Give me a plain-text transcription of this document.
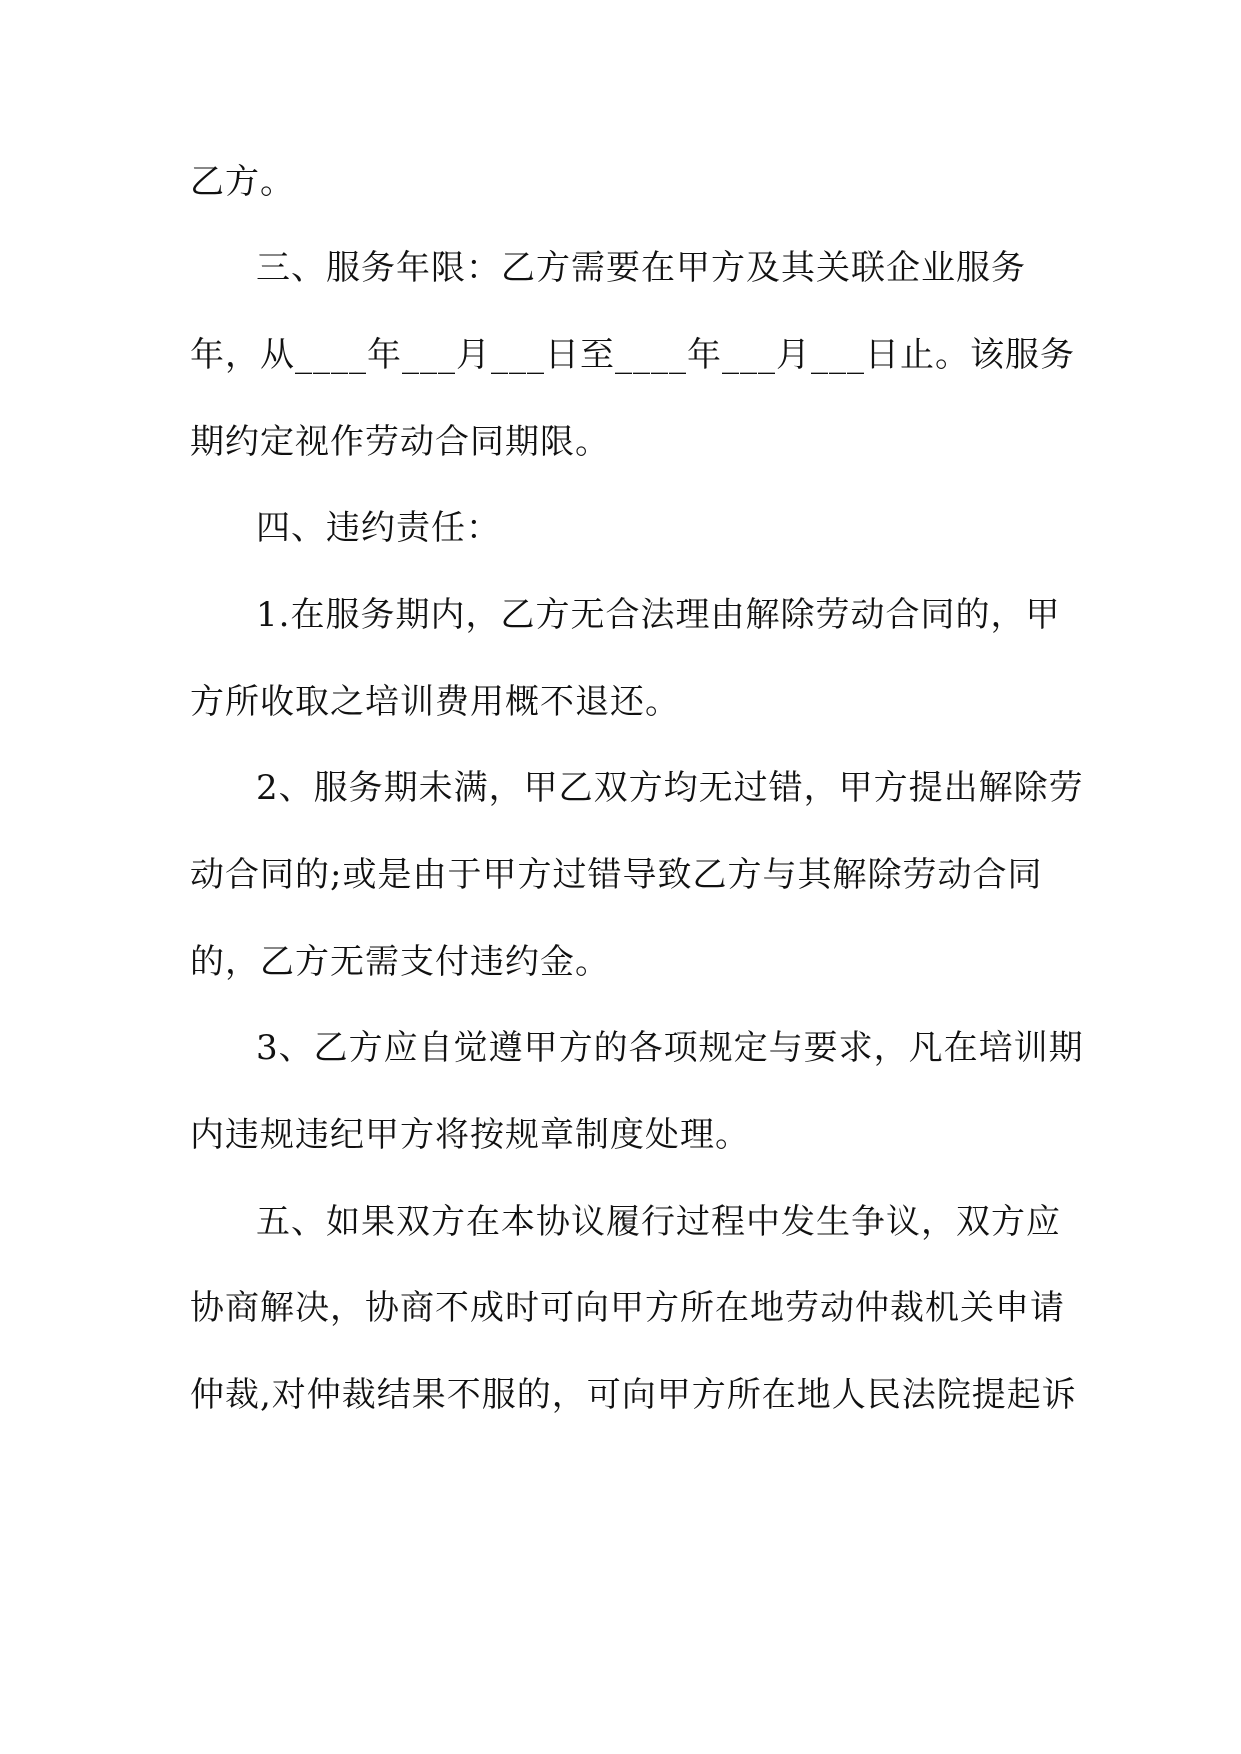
乙方。

三、服务年限：乙方需要在甲方及其关联企业服务

年，从____年___月___日至____年___月___日止。该服务

期约定视作劳动合同期限。

四、违约责任：

1.在服务期内，乙方无合法理由解除劳动合同的，甲

方所收取之培训费用概不退还。

2、服务期未满，甲乙双方均无过错，甲方提出解除劳

动合同的;或是由于甲方过错导致乙方与其解除劳动合同

的，乙方无需支付违约金。

3、乙方应自觉遵甲方的各项规定与要求，凡在培训期

内违规违纪甲方将按规章制度处理。

五、如果双方在本协议履行过程中发生争议，双方应

协商解决，协商不成时可向甲方所在地劳动仲裁机关申请

仲裁,对仲裁结果不服的，可向甲方所在地人民法院提起诉
